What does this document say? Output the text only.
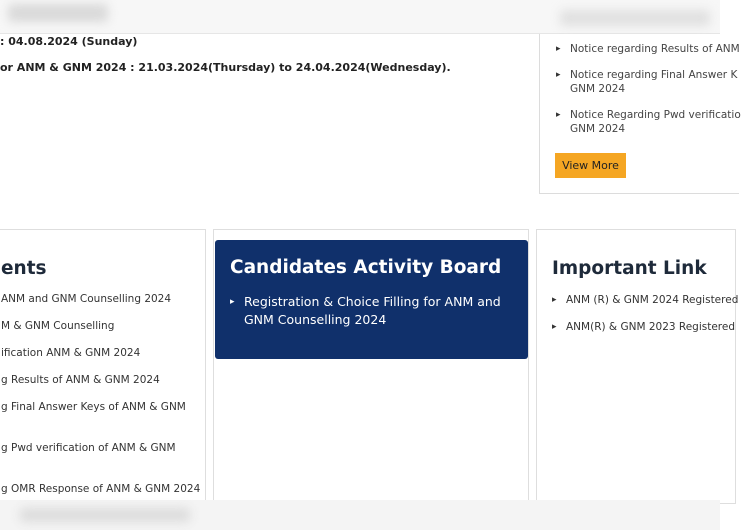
: 04.08.2024 (Sunday)
or ANM & GNM 2024 : 21.03.2024(Thursday) to 24.04.2024(Wednesday).
▸ Notice regarding Results of ANM
▸ Notice regarding Final Answer K
GNM 2024
▸ Notice Regarding Pwd verificatio
GNM 2024
View More
ents
ANM and GNM Counselling 2024
M & GNM Counselling
ification ANM & GNM 2024
g Results of ANM & GNM 2024
g Final Answer Keys of ANM & GNM
g Pwd verification of ANM & GNM
g OMR Response of ANM & GNM 2024
Candidates Activity Board
▸ Registration & Choice Filling for ANM and GNM Counselling 2024
Important Link
▸ ANM (R) & GNM 2024 Registered
▸ ANM(R) & GNM 2023 Registered
